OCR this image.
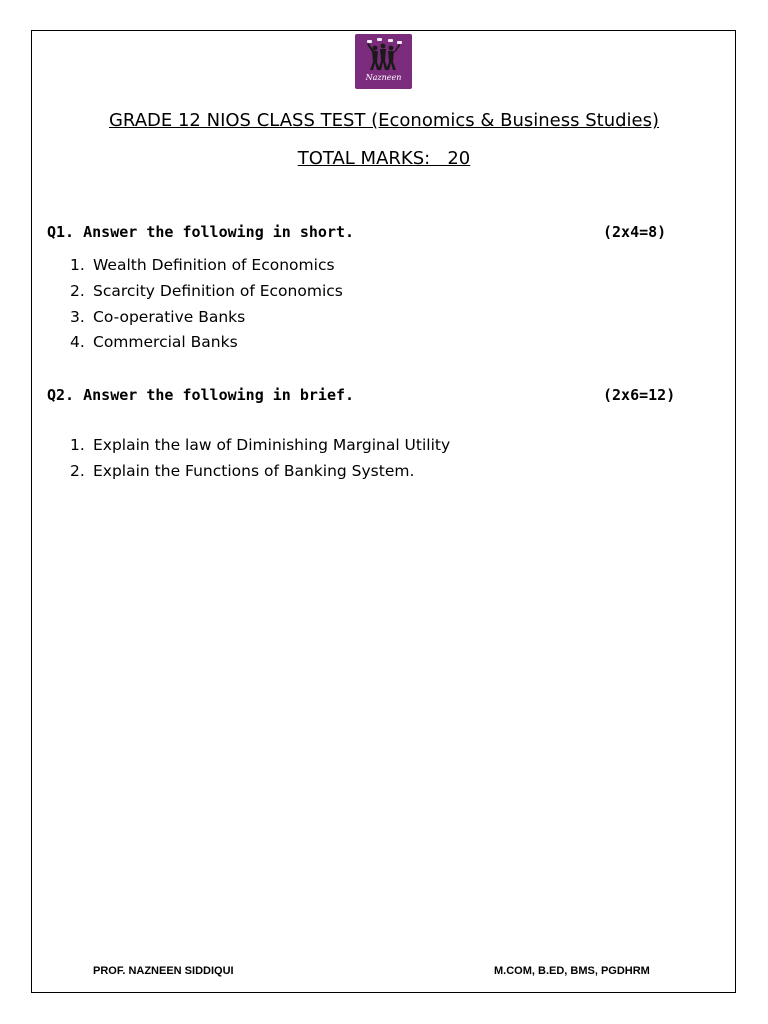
Nazneen
GRADE 12 NIOS CLASS TEST (Economics & Business Studies)
TOTAL MARKS:   20
Q1. Answer the following in short.	(2x4=8)
1. Wealth Definition of Economics
2. Scarcity Definition of Economics
3. Co-operative Banks
4. Commercial Banks
Q2. Answer the following in brief.	(2x6=12)
1. Explain the law of Diminishing Marginal Utility
2. Explain the Functions of Banking System.
PROF. NAZNEEN SIDDIQUI	M.COM, B.ED, BMS, PGDHRM
